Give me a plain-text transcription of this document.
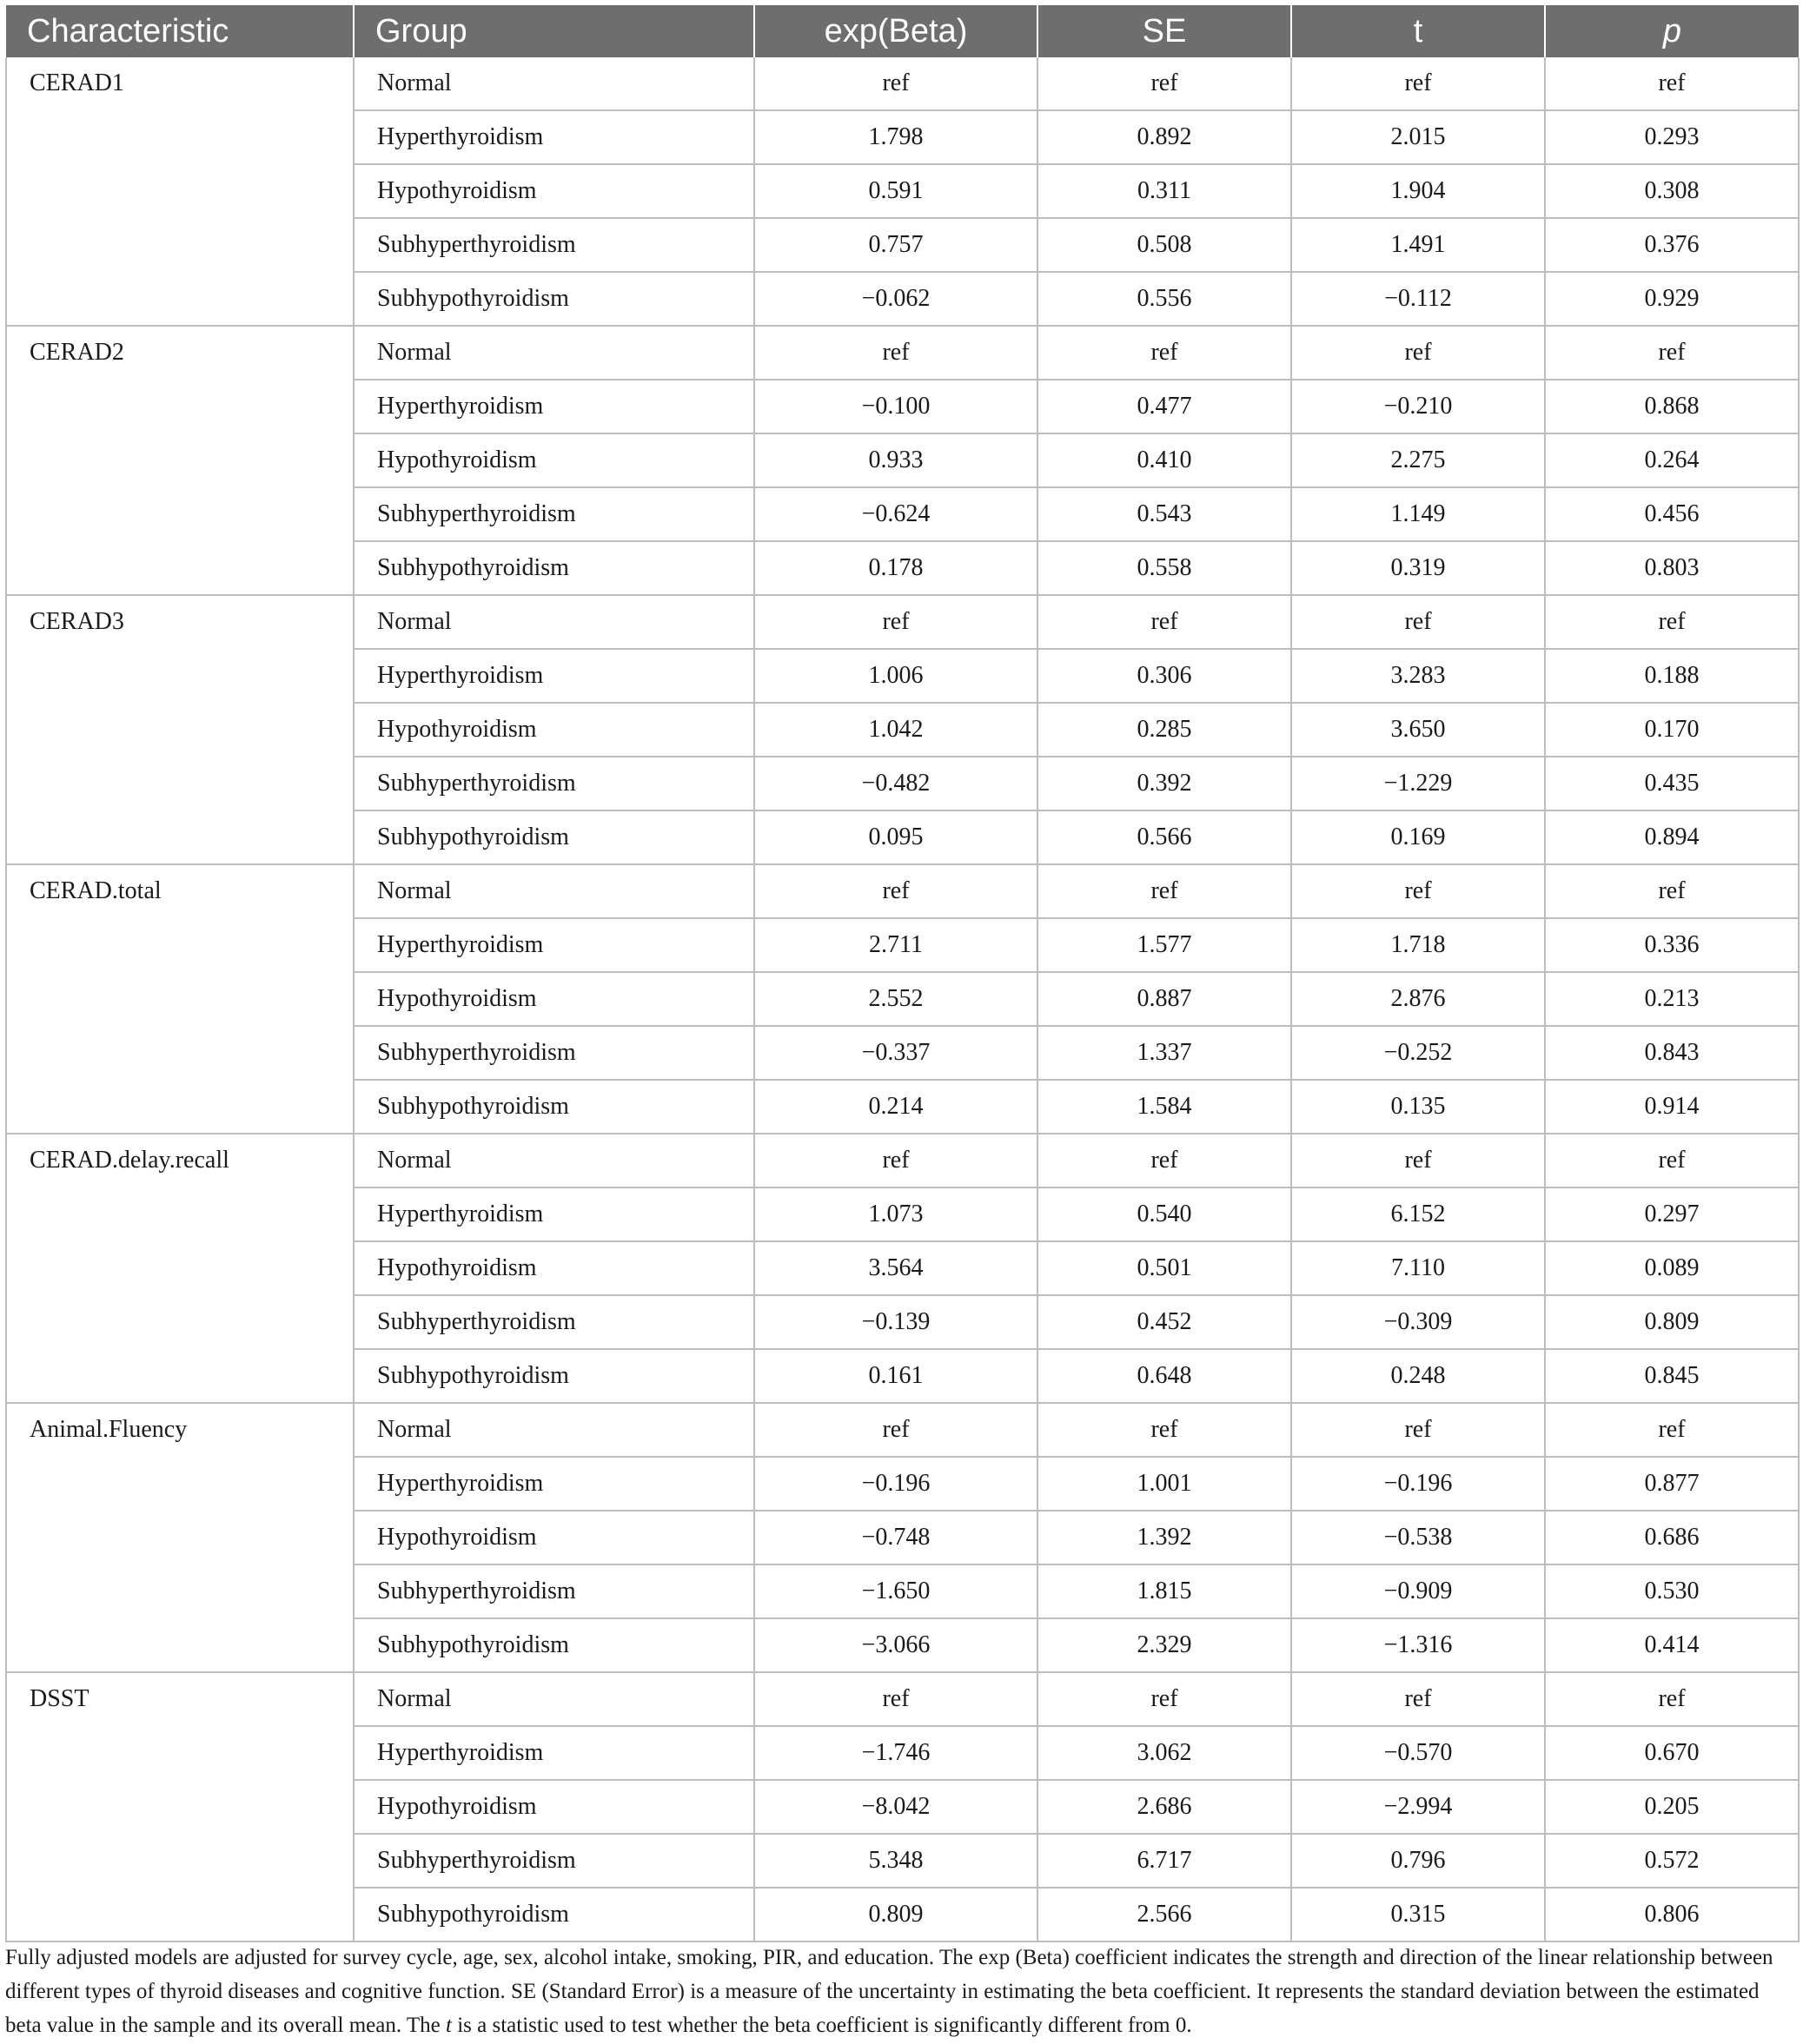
Characteristic	Group	exp(Beta)	SE	t	p
CERAD1	Normal	ref	ref	ref	ref
	Hyperthyroidism	1.798	0.892	2.015	0.293
	Hypothyroidism	0.591	0.311	1.904	0.308
	Subhyperthyroidism	0.757	0.508	1.491	0.376
	Subhypothyroidism	−0.062	0.556	−0.112	0.929
CERAD2	Normal	ref	ref	ref	ref
	Hyperthyroidism	−0.100	0.477	−0.210	0.868
	Hypothyroidism	0.933	0.410	2.275	0.264
	Subhyperthyroidism	−0.624	0.543	1.149	0.456
	Subhypothyroidism	0.178	0.558	0.319	0.803
CERAD3	Normal	ref	ref	ref	ref
	Hyperthyroidism	1.006	0.306	3.283	0.188
	Hypothyroidism	1.042	0.285	3.650	0.170
	Subhyperthyroidism	−0.482	0.392	−1.229	0.435
	Subhypothyroidism	0.095	0.566	0.169	0.894
CERAD.total	Normal	ref	ref	ref	ref
	Hyperthyroidism	2.711	1.577	1.718	0.336
	Hypothyroidism	2.552	0.887	2.876	0.213
	Subhyperthyroidism	−0.337	1.337	−0.252	0.843
	Subhypothyroidism	0.214	1.584	0.135	0.914
CERAD.delay.recall	Normal	ref	ref	ref	ref
	Hyperthyroidism	1.073	0.540	6.152	0.297
	Hypothyroidism	3.564	0.501	7.110	0.089
	Subhyperthyroidism	−0.139	0.452	−0.309	0.809
	Subhypothyroidism	0.161	0.648	0.248	0.845
Animal.Fluency	Normal	ref	ref	ref	ref
	Hyperthyroidism	−0.196	1.001	−0.196	0.877
	Hypothyroidism	−0.748	1.392	−0.538	0.686
	Subhyperthyroidism	−1.650	1.815	−0.909	0.530
	Subhypothyroidism	−3.066	2.329	−1.316	0.414
DSST	Normal	ref	ref	ref	ref
	Hyperthyroidism	−1.746	3.062	−0.570	0.670
	Hypothyroidism	−8.042	2.686	−2.994	0.205
	Subhyperthyroidism	5.348	6.717	0.796	0.572
	Subhypothyroidism	0.809	2.566	0.315	0.806
Fully adjusted models are adjusted for survey cycle, age, sex, alcohol intake, smoking, PIR, and education. The exp (Beta) coefficient indicates the strength and direction of the linear relationship between different types of thyroid diseases and cognitive function. SE (Standard Error) is a measure of the uncertainty in estimating the beta coefficient. It represents the standard deviation between the estimated beta value in the sample and its overall mean. The t is a statistic used to test whether the beta coefficient is significantly different from 0.
